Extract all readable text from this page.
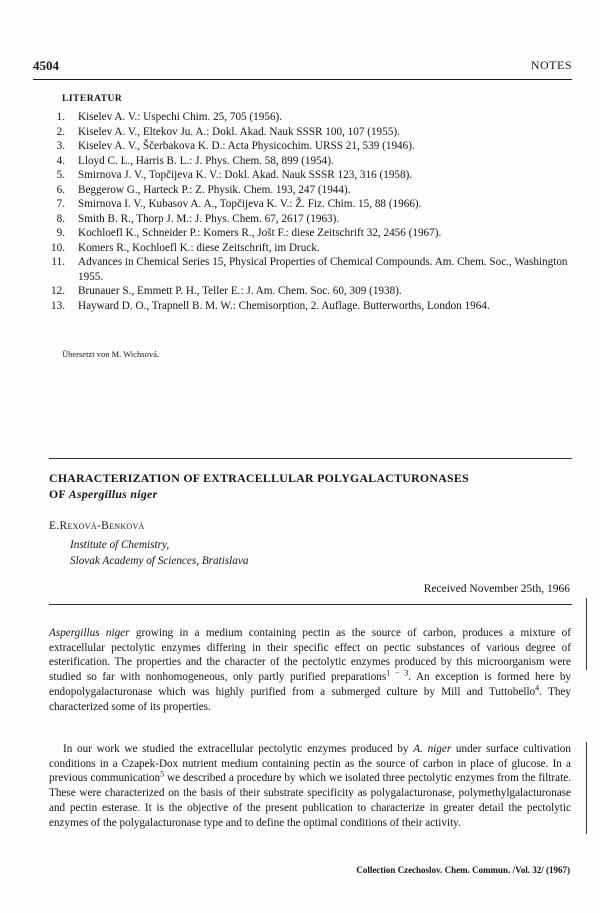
4504	NOTES
LITERATUR
1. Kiselev A. V.: Uspechi Chim. 25, 705 (1956).
2. Kiselev A. V., Eltekov Ju. A.: Dokl. Akad. Nauk SSSR 100, 107 (1955).
3. Kiselev A. V., Ščerbakova K. D.: Acta Physicochim. URSS 21, 539 (1946).
4. Lloyd C. L., Harris B. L.: J. Phys. Chem. 58, 899 (1954).
5. Smirnova J. V., Topčijeva K. V.: Dokl. Akad. Nauk SSSR 123, 316 (1958).
6. Beggerow G., Harteck P.: Z. Physik. Chem. 193, 247 (1944).
7. Smirnova I. V., Kubasov A. A., Topčijeva K. V.: Ž. Fiz. Chim. 15, 88 (1966).
8. Smith B. R., Thorp J. M.: J. Phys. Chem. 67, 2617 (1963).
9. Kochloefl K., Schneider P.: Komers R., Jošt F.: diese Zeitschrift 32, 2456 (1967).
10. Komers R., Kochloefl K.: diese Zeitschrift, im Druck.
11. Advances in Chemical Series 15, Physical Properties of Chemical Compounds. Am. Chem. Soc., Washington 1955.
12. Brunauer S., Emmett P. H., Teller E.: J. Am. Chem. Soc. 60, 309 (1938).
13. Hayward D. O., Trapnell B. M. W.: Chemisorption, 2. Auflage. Butterworths, London 1964.
Übersetzt von M. Wichsová.
CHARACTERIZATION OF EXTRACELLULAR POLYGALACTURONASES
OF Aspergillus niger
E.Rexová-Benková
Institute of Chemistry,
Slovak Academy of Sciences, Bratislava
Received November 25th, 1966

Aspergillus niger growing in a medium containing pectin as the source of carbon, produces a mixture of extracellular pectolytic enzymes differing in their specific effect on pectic substances of various degree of esterification. The properties and the character of the pectolytic enzymes produced by this microorganism were studied so far with nonhomogeneous, only partly purified preparations$^{1 - 3}$. An exception is formed here by endopolygalacturonase which was highly purified from a submerged culture by Mill and Tuttobello$^4$. They characterized some of its properties.

In our work we studied the extracellular pectolytic enzymes produced by A. niger under surface cultivation conditions in a Czapek-Dox nutrient medium containing pectin as the source of carbon in place of glucose. In a previous communication$^5$ we described a procedure by which we isolated three pectolytic enzymes from the filtrate. These were characterized on the basis of their substrate specificity as polygalacturonase, polymethylgalacturonase and pectin esterase. It is the objective of the present publication to characterize in greater detail the pectolytic enzymes of the polygalacturonase type and to define the optimal conditions of their activity.

Collection Czechoslov. Chem. Commun. /Vol. 32/ (1967)
